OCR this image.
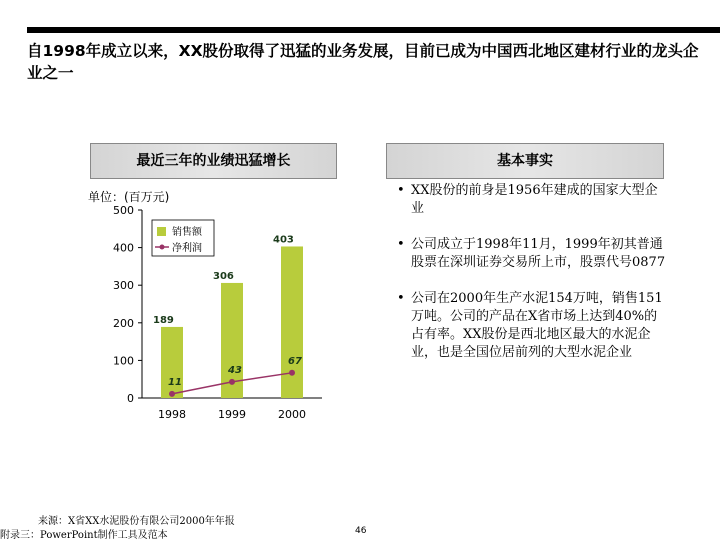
自1998年成立以来，XX股份取得了迅猛的业务发展，目前已成为中国西北地区建材行业的龙头企业之一
最近三年的业绩迅猛增长	基本事实
单位：(百万元)
0
100
200
300
400
500
189
1998
306
1999
403
2000
11
43
67
销售额
净利润
• XX股份的前身是1956年建成的国家大型企业
• 公司成立于1998年11月，1999年初其普通股票在深圳证券交易所上市，股票代号0877
• 公司在2000年生产水泥154万吨，销售151万吨。公司的产品在X省市场上达到40%的占有率。XX股份是西北地区最大的水泥企业，也是全国位居前列的大型水泥企业
来源：X省XX水泥股份有限公司2000年年报
附录三：PowerPoint制作工具及范本	46
